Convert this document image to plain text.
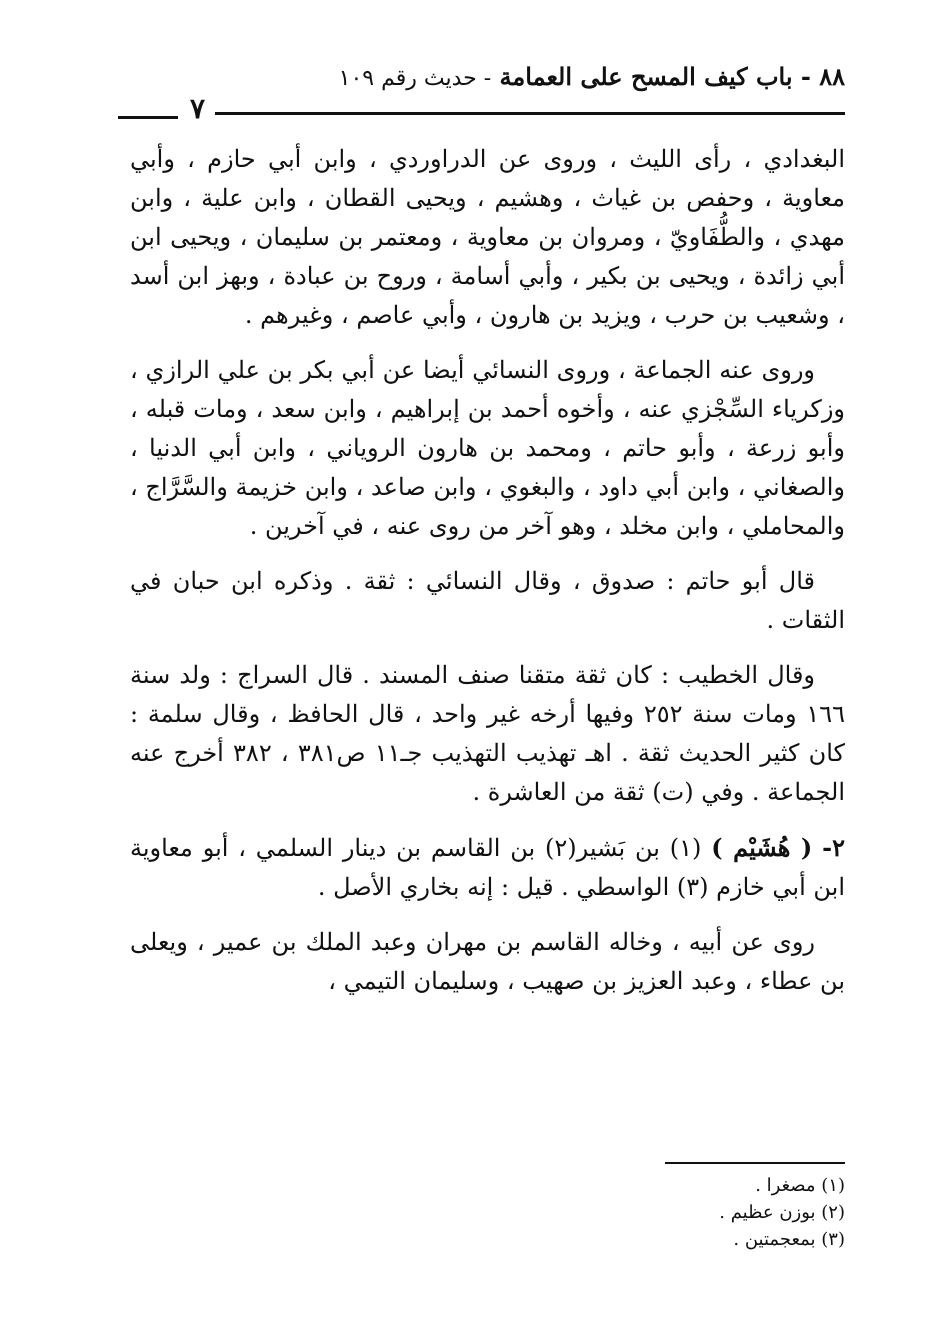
٨٨ - باب كيف المسح على العمامة - حديث رقم ١٠٩
٧

البغدادي ، رأى الليث ، وروى عن الدراوردي ، وابن أبي حازم ، وأبي معاوية ، وحفص بن غياث ، وهشيم ، ويحيى القطان ، وابن علية ، وابن مهدي ، والطُّفَاويّ ، ومروان بن معاوية ، ومعتمر بن سليمان ، ويحيى ابن أبي زائدة ، ويحيى بن بكير ، وأبي أسامة ، وروح بن عبادة ، وبهز ابن أسد ، وشعيب بن حرب ، ويزيد بن هارون ، وأبي عاصم ، وغيرهم .

وروى عنه الجماعة ، وروى النسائي أيضا عن أبي بكر بن علي الرازي ، وزكرياء السِّجْزي عنه ، وأخوه أحمد بن إبراهيم ، وابن سعد ، ومات قبله ، وأبو زرعة ، وأبو حاتم ، ومحمد بن هارون الروياني ، وابن أبي الدنيا ، والصغاني ، وابن أبي داود ، والبغوي ، وابن صاعد ، وابن خزيمة والسَّرَّاج ، والمحاملي ، وابن مخلد ، وهو آخر من روى عنه ، في آخرين .

قال أبو حاتم : صدوق ، وقال النسائي : ثقة . وذكره ابن حبان في الثقات .

وقال الخطيب : كان ثقة متقنا صنف المسند . قال السراج : ولد سنة ١٦٦ ومات سنة ٢٥٢ وفيها أرخه غير واحد ، قال الحافظ ، وقال سلمة : كان كثير الحديث ثقة . اهـ تهذيب التهذيب جـ١١ ص٣٨١ ، ٣٨٢ أخرج عنه الجماعة . وفي (ت) ثقة من العاشرة .

٢- ( هُشَيْم ) (١) بن بَشير(٢) بن القاسم بن دينار السلمي ، أبو معاوية ابن أبي خازم (٣) الواسطي . قيل : إنه بخاري الأصل .

روى عن أبيه ، وخاله القاسم بن مهران وعبد الملك بن عمير ، ويعلى بن عطاء ، وعبد العزيز بن صهيب ، وسليمان التيمي ،

(١) مصغرا .

(٢) بوزن عظيم .

(٣) بمعجمتين .
